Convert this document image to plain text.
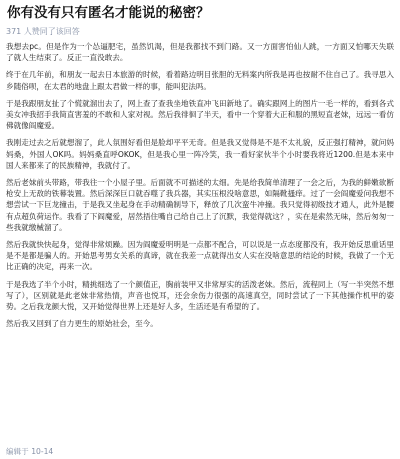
你有没有只有匿名才能说的秘密？
371 人赞同了该回答

我想去pc。但是作为一个怂逼肥宅，虽然饥渴，但是我都找不到门路。又一方面害怕仙人跳，一方面又怕哪天失联了就人生结束了。反正一直没敢去。

终于在几年前，和朋友一起去日本旅游的时候，看着路边明目张胆的无料案内所我是再也按耐不住自己了。我寻思入乡随俗呗，在太君的地盘上跟太君做一样的事，能叫犯法吗。

于是我跟朋友扯了个慌就溜出去了，网上查了查我坐地铁直冲飞田新地了。确实跟网上的图片一毛一样的，看到各式美女冲我招手我简直害羞的不敢和人家对视。然后我徘徊了半天，看中一个穿着大正和服的黑短直老妹，远远一看仿佛就像阎魔爱。

我刚走过去之后就想溜了，此人氛围好看但是脸却平平无奇。但是我又觉得是不是不太礼貌，反正强打精神，就问妈妈桑，外国人OK吗。妈妈桑直呼OKOK，但是我心里一阵冷笑，我一看好家伙半个小时要我将近1200.但是本来中国人来都来了的民族精神，我就付了。

然后老妹前头带路，带我往一个小屋子里。后面就不可描述的太细。先是给我简单清理了一会之后，为我的鲜嫩欲断枪安上无敌的铁幕装置。然后深深巨口就吞噬了我兵器，其实压根没啥意思，如隔靴搔痒。过了一会阎魔爱问我想不想尝试一下巨龙撞击，于是我又坐起身在手动精确制导下，释放了几次蛮牛冲撞。我只觉得初级技才通人，此外是腰有点超负荷运作。我看了下阎魔爱，居然捂住嘴自己给自己上了沉默，我觉得就这？，实在是索然无味，然后匆匆一些我就缴械溜了。

然后我就快快起身，觉得非常烦躁。因为阎魔爱明明是一点都不配合，可以说是一点态度都没有，我开始反思重话里是不是都是骗人的。开始思考男女关系的真谛，就在我差一点就得出女人实在没啥意思的结论的时候，我做了一个无比正确的决定，再来一次。

于是我选了半个小时，精挑细选了一个颜值正，胸前装甲又非常厚实的活泼老妹。然后，流程同上（写一半突然不想写了），区别就是此老妹非常热情，声音也悦耳，还会余伤力很强的高速真空，同时尝试了一下其他操作机甲的姿势。之后我龙颜大悦，又开始觉得世界上还是好人多，生活还是有希望的了。

然后我又回到了自力更生的原始社会，至今。

编辑于 10-14
